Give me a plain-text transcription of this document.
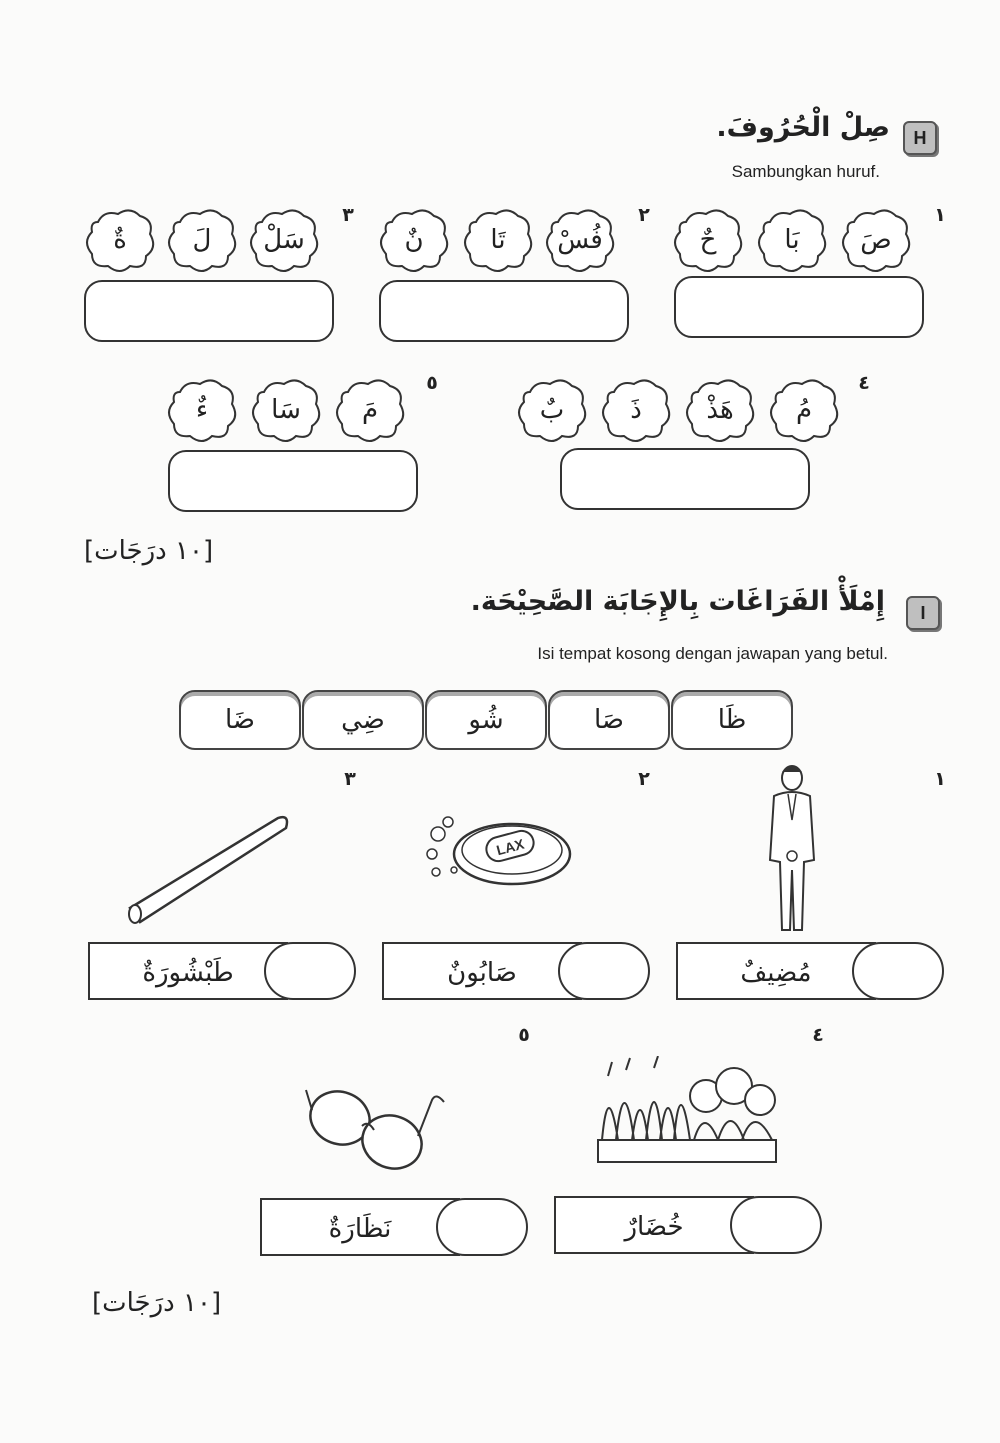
H
صِلْ الْحُرُوفَ.
Sambungkan huruf.
١
صَ
بَا
حٌ
٢
فُسْ
تَا
نٌ
٣
سَلْ
لَ
ةٌ
٤
مُ
هَذْ
ذَ
بٌ
٥
مَ
سَا
ءٌ
[١٠ درَجَات]
I
إِمْلَأْ الفَرَاغَات بِالإِجَابَة الصَّحِيْحَة.
Isi tempat kosong dengan jawapan yang betul.
ظَا
صَا
شُو
ضِي
ضَا
١
٢
٣
٤
٥
LAX
مُضِيفٌ
صَابُونٌ
طَبْشُورَةٌ
خُضَارٌ
نَظَارَةٌ
[١٠ درَجَات]
